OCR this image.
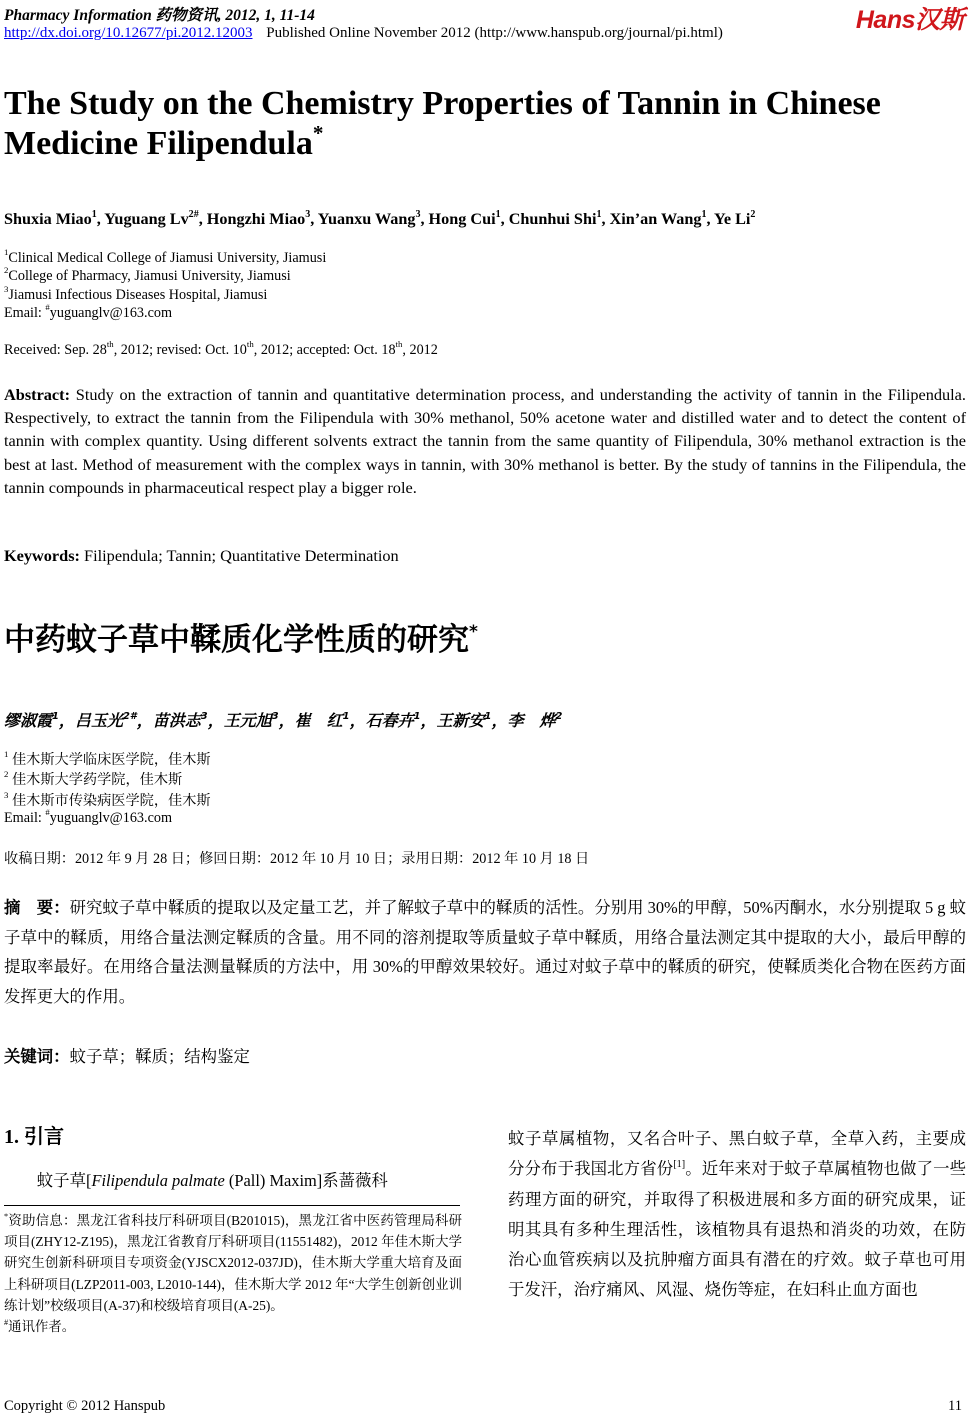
Pharmacy Information 药物资讯, 2012, 1, 11-14
http://dx.doi.org/10.12677/pi.2012.12003 Published Online November 2012 (http://www.hanspub.org/journal/pi.html)	Hans汉斯
The Study on the Chemistry Properties of Tannin in Chinese Medicine Filipendula*
Shuxia Miao$^1$, Yuguang $Lv^{2\#}$, Hongzhi Miao$^3$, Yuanxu Wang$^3$, Hong Cui$^1$, Chunhui Shi$^1$, Xin’an Wang$^1$, Ye Li$^2$
$^1$Clinical Medical College of Jiamusi University, Jiamusi
$^2$College of Pharmacy, Jiamusi University, Jiamusi
$^3$Jiamusi Infectious Diseases Hospital, Jiamusi
Email: #yuguanglv@163.com
Received: Sep. 28th, 2012; revised: Oct. 10th, 2012; accepted: Oct. 18th, 2012
Abstract: Study on the extraction of tannin and quantitative determination process, and understanding the activity of tannin in the Filipendula. Respectively, to extract the tannin from the Filipendula with 30% methanol, 50% acetone water and distilled water and to detect the content of tannin with complex quantity. Using different solvents extract the tannin from the same quantity of Filipendula, 30% methanol extraction is the best at last. Method of measurement with the complex ways in tannin, with 30% methanol is better. By the study of tannins in the Filipendula, the tannin compounds in pharmaceutical respect play a bigger role.
Keywords: Filipendula; Tannin; Quantitative Determination
中药蚊子草中鞣质化学性质的研究*
缪淑霞$^1$，吕玉光$^{2\#}$，苗洪志$^3$，王元旭$^3$，崔　红$^1$，石春卉$^1$，王新安$^1$，李　烨$^2$
$^1$ 佳木斯大学临床医学院，佳木斯
$^2$ 佳木斯大学药学院，佳木斯
$^3$ 佳木斯市传染病医学院，佳木斯
Email: #yuguanglv@163.com
收稿日期：2012 年 9 月 28 日；修回日期：2012 年 10 月 10 日；录用日期：2012 年 10 月 18 日
摘　要：研究蚊子草中鞣质的提取以及定量工艺，并了解蚊子草中的鞣质的活性。分别用 30%的甲醇，50%丙酮水，水分别提取 5 g 蚊子草中的鞣质，用络合量法测定鞣质的含量。用不同的溶剂提取等质量蚊子草中鞣质，用络合量法测定其中提取的大小，最后甲醇的提取率最好。在用络合量法测量鞣质的方法中，用 30%的甲醇效果较好。通过对蚊子草中的鞣质的研究，使鞣质类化合物在医药方面发挥更大的作用。
关键词：蚊子草；鞣质；结构鉴定
1. 引言
蚊子草[Filipendula palmate (Pall) Maxim]系蔷薇科
*资助信息：黑龙江省科技厅科研项目(B201015)，黑龙江省中医药管理局科研项目(ZHY12-Z195)，黑龙江省教育厅科研项目(11551482)，2012 年佳木斯大学研究生创新科研项目专项资金(YJSCX2012-037JD)，佳木斯大学重大培育及面上科研项目(LZP2011-003, L2010-144)，佳木斯大学 2012 年“大学生创新创业训练计划”校级项目(A-37)和校级培育项目(A-25)。
#通讯作者。
蚊子草属植物，又名合叶子、黑白蚊子草，全草入药，主要成分分布于我国北方省份[1]。近年来对于蚊子草属植物也做了一些药理方面的研究，并取得了积极进展和多方面的研究成果，证明其具有多种生理活性，该植物具有退热和消炎的功效，在防治心血管疾病以及抗肿瘤方面具有潜在的疗效。蚊子草也可用于发汗，治疗痛风、风湿、烧伤等症，在妇科止血方面也
Copyright © 2012 Hanspub	11
